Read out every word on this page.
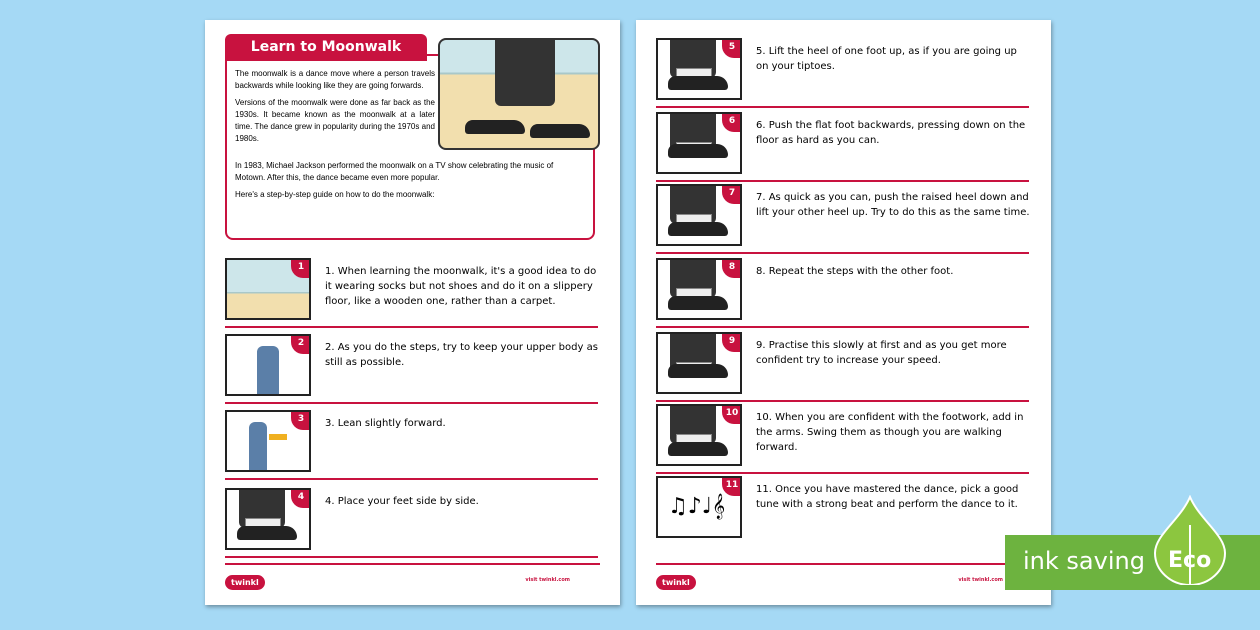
The moonwalk is a dance move where a person travels backwards while looking like they are going forwards.

Versions of the moonwalk were done as far back as the 1930s. It became known as the moonwalk at a later time. The dance grew in popularity during the 1970s and 1980s.

In 1983, Michael Jackson performed the moonwalk on a TV show celebrating the music of Motown. After this, the dance became even more popular.

Here's a step-by-step guide on how to do the moonwalk:

Learn to Moonwalk
1	1. When learning the moonwalk, it's a good idea to do it wearing socks but not shoes and do it on a slippery floor, like a wooden one, rather than a carpet.
2	2. As you do the steps, try to keep your upper body as still as possible.
3	3. Lean slightly forward.
4	4. Place your feet side by side.
twinkl	visit twinkl.com
5	5. Lift the heel of one foot up, as if you are going up on your tiptoes.
6	6. Push the flat foot backwards, pressing down on the floor as hard as you can.
7	7. As quick as you can, push the raised heel down and lift your other heel up. Try to do this as the same time.
8	8. Repeat the steps with the other foot.
9	9. Practise this slowly at first and as you get more confident try to increase your speed.
10	10. When you are confident with the footwork, add in the arms. Swing them as though you are walking forward.
♫♪♩𝄞
11	11. Once you have mastered the dance, pick a good tune with a strong beat and perform the dance to it.
twinkl	visit twinkl.com
ink saving Eco
